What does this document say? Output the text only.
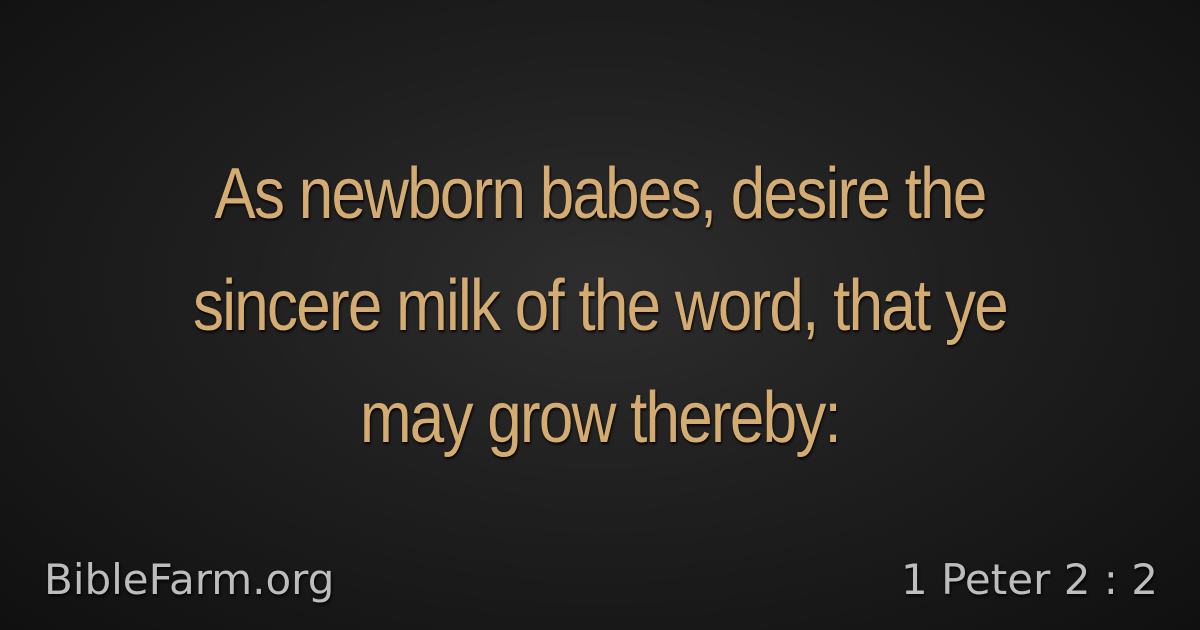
As newborn babes, desire the
sincere milk of the word, that ye
may grow thereby:
BibleFarm.org	1 Peter 2 : 2
